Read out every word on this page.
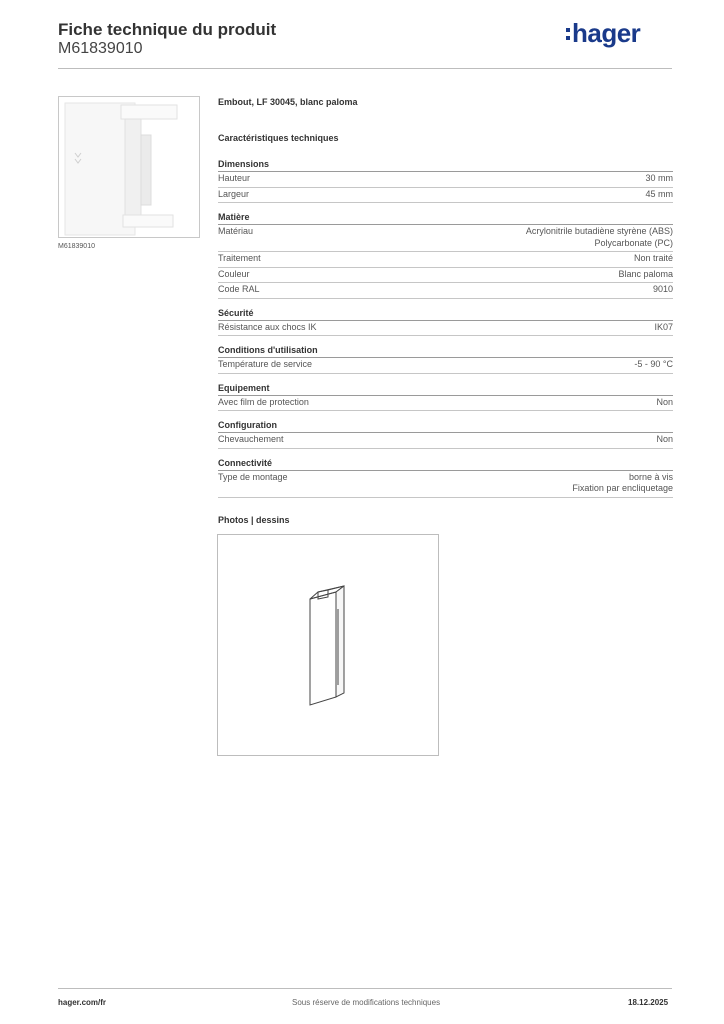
Fiche technique du produit
M61839010
hager
M61839010
Embout, LF 30045, blanc paloma
Caractéristiques techniques
Dimensions
Hauteur	30 mm
Largeur	45 mm
Matière
Matériau	Acrylonitrile butadiène styrène (ABS)
Polycarbonate (PC)
Traitement	Non traité
Couleur	Blanc paloma
Code RAL	9010
Sécurité
Résistance aux chocs IK	IK07
Conditions d'utilisation
Température de service	-5 - 90 °C
Equipement
Avec film de protection	Non
Configuration
Chevauchement	Non
Connectivité
Type de montage	borne à vis
Fixation par encliquetage
Photos | dessins
hager.com/fr	Sous réserve de modifications techniques	18.12.2025
